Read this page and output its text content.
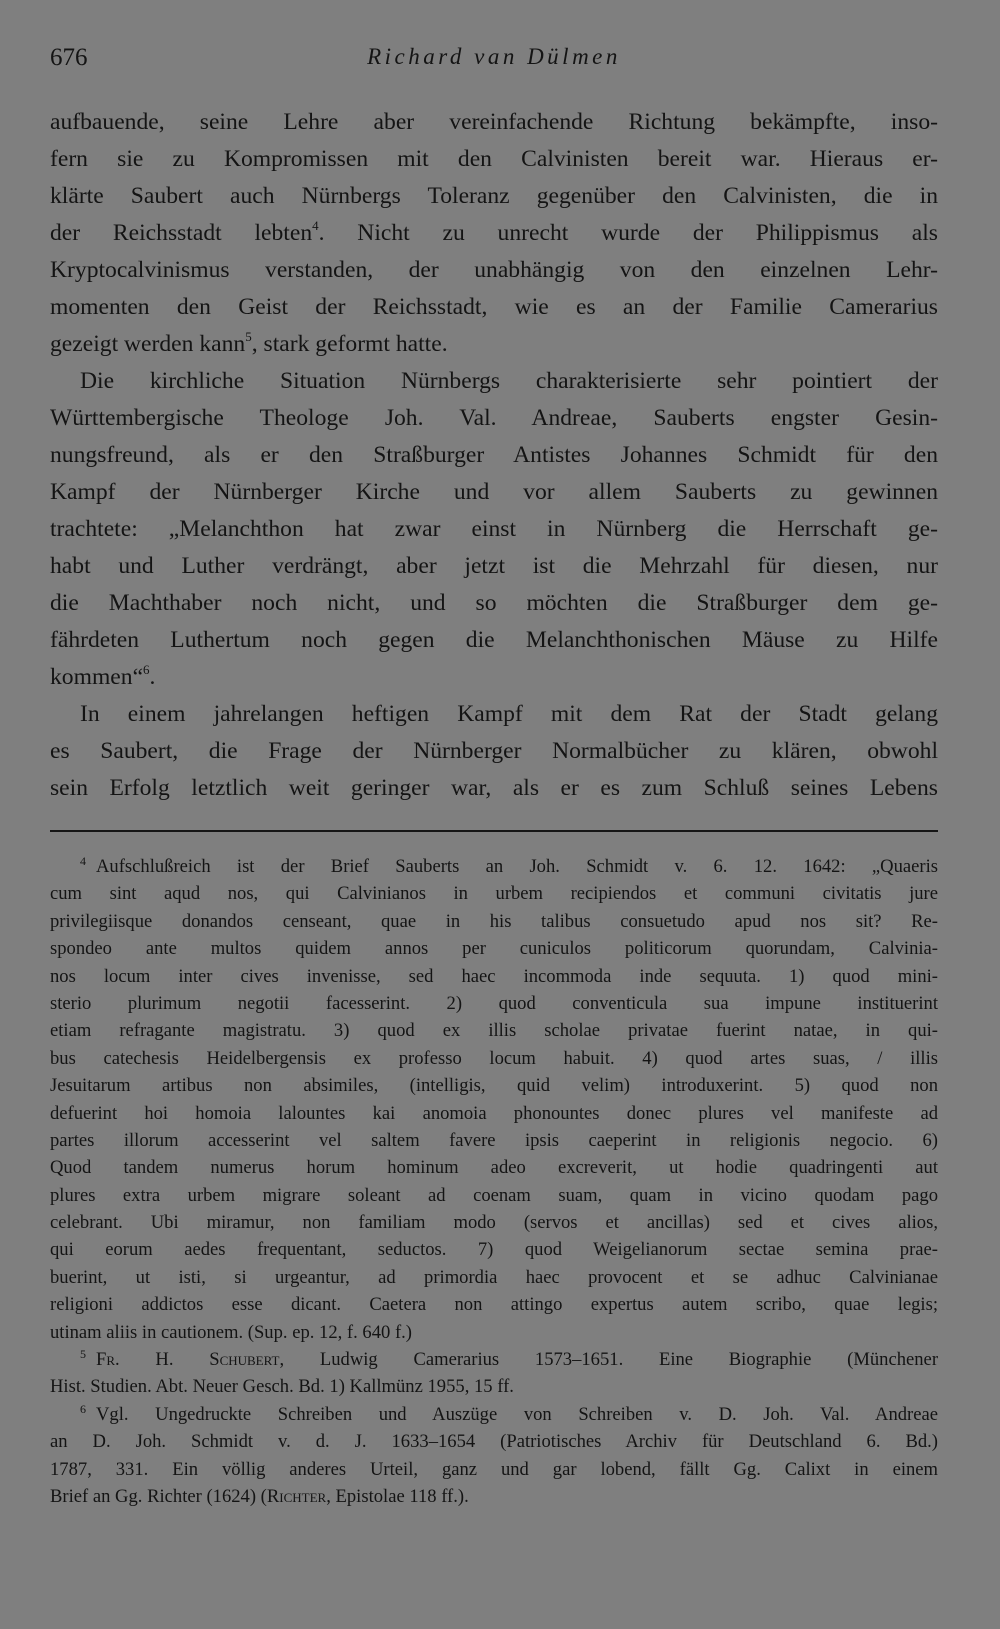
676	Richard van Dülmen
aufbauende, seine Lehre aber vereinfachende Richtung bekämpfte, inso-
fern sie zu Kompromissen mit den Calvinisten bereit war. Hieraus er-
klärte Saubert auch Nürnbergs Toleranz gegenüber den Calvinisten, die in
der Reichsstadt lebten$^4$. Nicht zu unrecht wurde der Philippismus als
Kryptocalvinismus verstanden, der unabhängig von den einzelnen Lehr-
momenten den Geist der Reichsstadt, wie es an der Familie Camerarius
gezeigt werden kann$^5$, stark geformt hatte.
Die kirchliche Situation Nürnbergs charakterisierte sehr pointiert der
Württembergische Theologe Joh. Val. Andreae, Sauberts engster Gesin-
nungsfreund, als er den Straßburger Antistes Johannes Schmidt für den
Kampf der Nürnberger Kirche und vor allem Sauberts zu gewinnen
trachtete: „Melanchthon hat zwar einst in Nürnberg die Herrschaft ge-
habt und Luther verdrängt, aber jetzt ist die Mehrzahl für diesen, nur
die Machthaber noch nicht, und so möchten die Straßburger dem ge-
fährdeten Luthertum noch gegen die Melanchthonischen Mäuse zu Hilfe
kommen“$^6$.
In einem jahrelangen heftigen Kampf mit dem Rat der Stadt gelang
es Saubert, die Frage der Nürnberger Normalbücher zu klären, obwohl
sein Erfolg letztlich weit geringer war, als er es zum Schluß seines Lebens
$^4$ Aufschlußreich ist der Brief Sauberts an Joh. Schmidt v. 6. 12. 1642: „Quaeris
cum sint aqud nos, qui Calvinianos in urbem recipiendos et communi civitatis jure
privilegiisque donandos censeant, quae in his talibus consuetudo apud nos sit? Re-
spondeo ante multos quidem annos per cuniculos politicorum quorundam, Calvinia-
nos locum inter cives invenisse, sed haec incommoda inde sequuta. 1) quod mini-
sterio plurimum negotii facesserint. 2) quod conventicula sua impune instituerint
etiam refragante magistratu. 3) quod ex illis scholae privatae fuerint natae, in qui-
bus catechesis Heidelbergensis ex professo locum habuit. 4) quod artes suas, / illis
Jesuitarum artibus non absimiles, (intelligis, quid velim) introduxerint. 5) quod non
defuerint hoi homoia lalountes kai anomoia phonountes donec plures vel manifeste ad
partes illorum accesserint vel saltem favere ipsis caeperint in religionis negocio. 6)
Quod tandem numerus horum hominum adeo excreverit, ut hodie quadringenti aut
plures extra urbem migrare soleant ad coenam suam, quam in vicino quodam pago
celebrant. Ubi miramur, non familiam modo (servos et ancillas) sed et cives alios,
qui eorum aedes frequentant, seductos. 7) quod Weigelianorum sectae semina prae-
buerint, ut isti, si urgeantur, ad primordia haec provocent et se adhuc Calvinianae
religioni addictos esse dicant. Caetera non attingo expertus autem scribo, quae legis;
utinam aliis in cautionem. (Sup. ep. 12, f. 640 f.)
$^5$ Fr. H. Schubert, Ludwig Camerarius 1573–1651. Eine Biographie (Münchener
Hist. Studien. Abt. Neuer Gesch. Bd. 1) Kallmünz 1955, 15 ff.
$^6$ Vgl. Ungedruckte Schreiben und Auszüge von Schreiben v. D. Joh. Val. Andreae
an D. Joh. Schmidt v. d. J. 1633–1654 (Patriotisches Archiv für Deutschland 6. Bd.)
1787, 331. Ein völlig anderes Urteil, ganz und gar lobend, fällt Gg. Calixt in einem
Brief an Gg. Richter (1624) (Richter, Epistolae 118 ff.).
